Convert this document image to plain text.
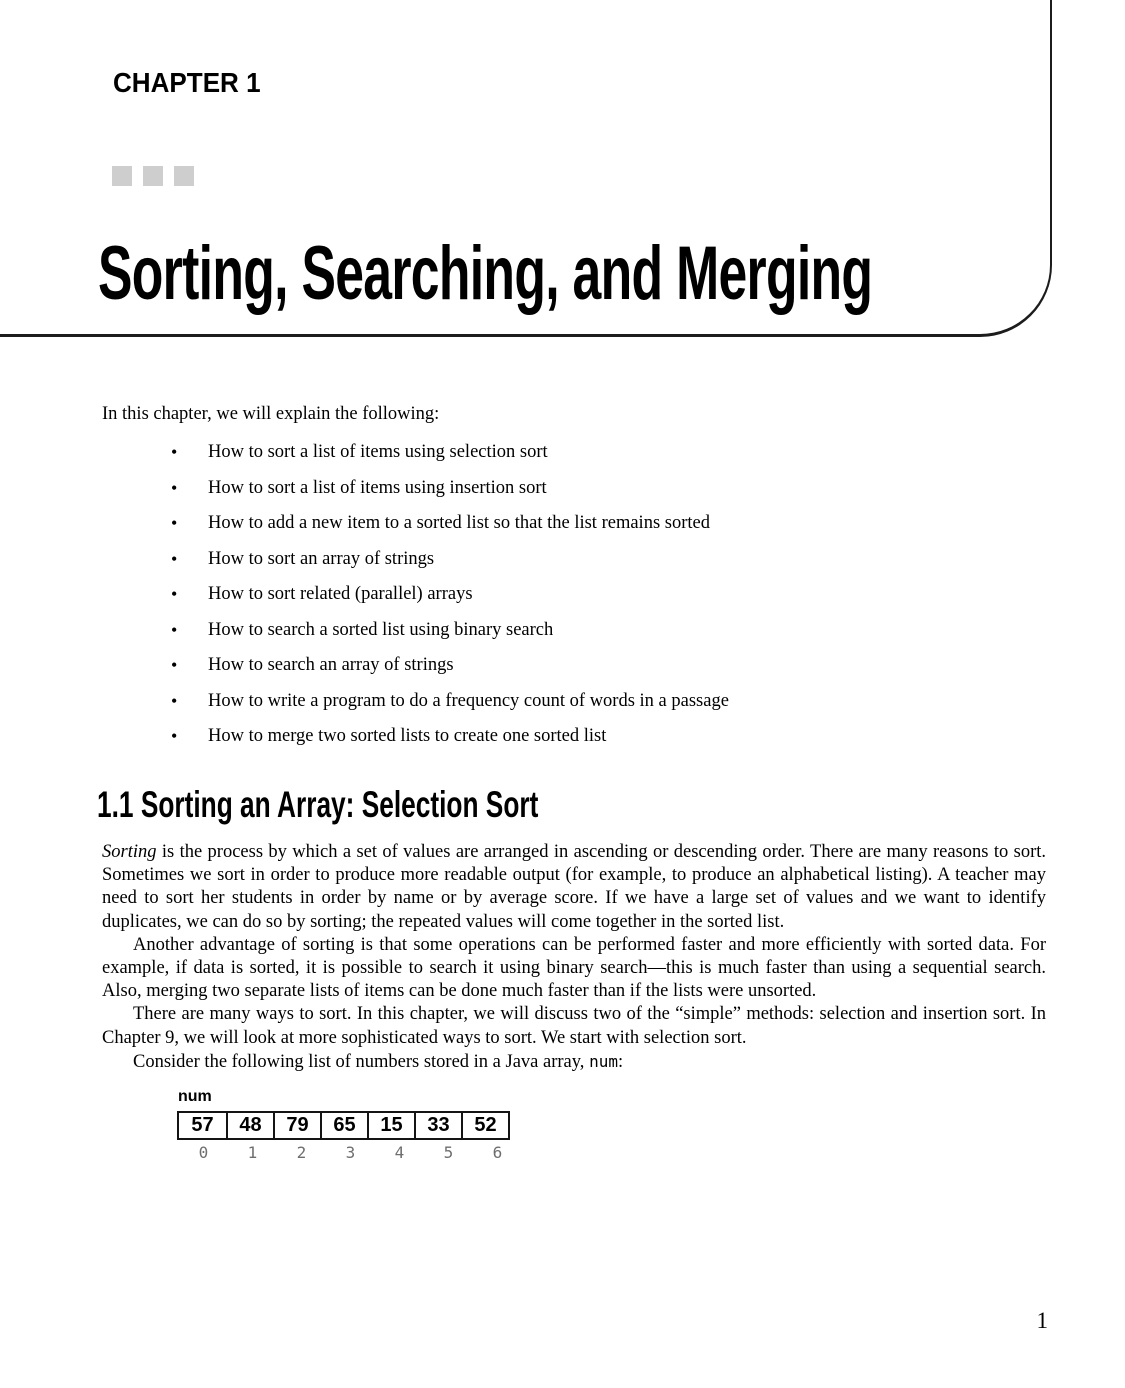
CHAPTER 1
Sorting, Searching, and Merging
In this chapter, we will explain the following:
• How to sort a list of items using selection sort
• How to sort a list of items using insertion sort
• How to add a new item to a sorted list so that the list remains sorted
• How to sort an array of strings
• How to sort related (parallel) arrays
• How to search a sorted list using binary search
• How to search an array of strings
• How to write a program to do a frequency count of words in a passage
• How to merge two sorted lists to create one sorted list
1.1 Sorting an Array: Selection Sort

Sorting is the process by which a set of values are arranged in ascending or descending order. There are many reasons to sort. Sometimes we sort in order to produce more readable output (for example, to produce an alphabetical listing). A teacher may need to sort her students in order by name or by average score. If we have a large set of values and we want to identify duplicates, we can do so by sorting; the repeated values will come together in the sorted list.

Another advantage of sorting is that some operations can be performed faster and more efficiently with sorted data. For example, if data is sorted, it is possible to search it using binary search—this is much faster than using a sequential search. Also, merging two separate lists of items can be done much faster than if the lists were unsorted.

There are many ways to sort. In this chapter, we will discuss two of the “simple” methods: selection and insertion sort. In Chapter 9, we will look at more sophisticated ways to sort. We start with selection sort.

Consider the following list of numbers stored in a Java array, num:

num
57	48	79	65	15	33	52
0	1	2	3	4	5	6
1
